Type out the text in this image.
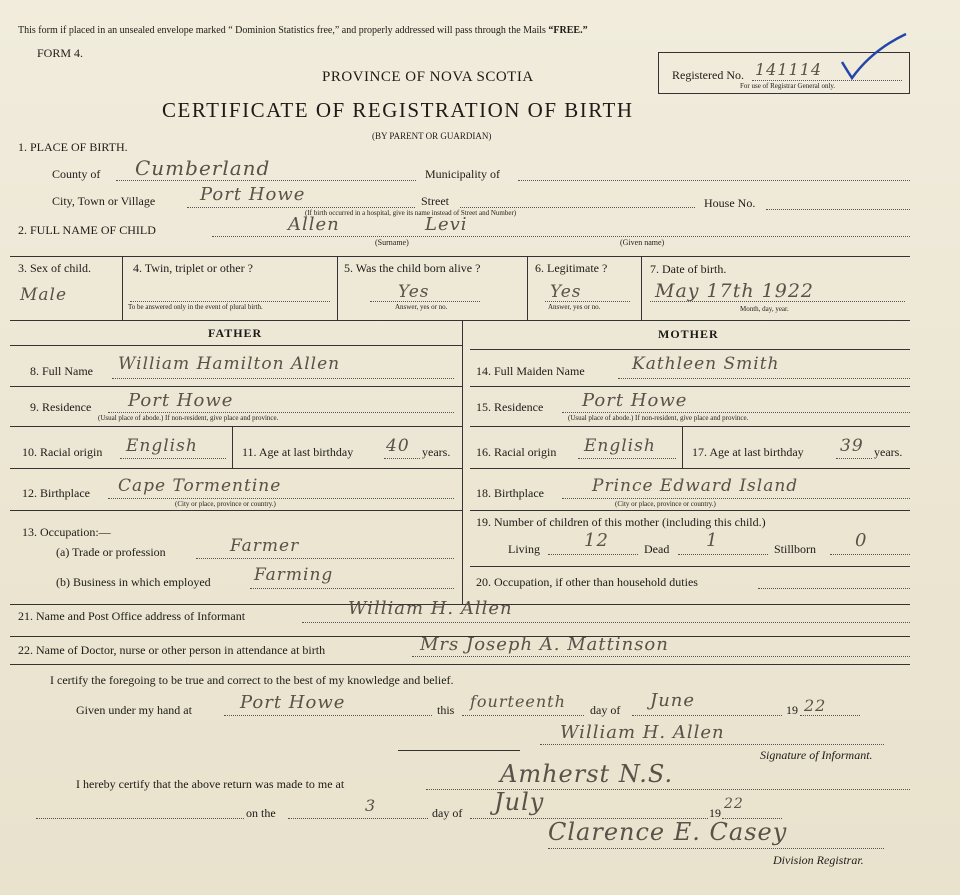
This form if placed in an unsealed envelope marked “ Dominion Statistics free,” and properly addressed will pass through the Mails “FREE.”
FORM 4.
PROVINCE OF NOVA SCOTIA
CERTIFICATE OF REGISTRATION OF BIRTH
(BY PARENT OR GUARDIAN)
Registered No. 141114
For use of Registrar General only.
1. PLACE OF BIRTH.
County of Cumberland	Municipality of
City, Town or Village Port Howe	Street
(If birth occurred in a hospital, give its name instead of Street and Number)
House No.
2. FULL NAME OF CHILD	Allen	Levi
(Surname)	(Given name)
3. Sex of child.
Male
4. Twin, triplet or other ?
To be answered only in the event of plural birth.
5. Was the child born alive ?
Yes
Answer, yes or no.
6. Legitimate ?
Yes
Answer, yes or no.
7. Date of birth.
May 17th 1922
Month, day, year.
FATHER	MOTHER
8. Full Name William Hamilton Allen
9. Residence Port Howe
(Usual place of abode.) If non-resident, give place and province.
10. Racial origin English	11. Age at last birthday 40 years.
12. Birthplace Cape Tormentine
(City or place, province or country.)
13. Occupation:—
(a) Trade or profession	Farmer
(b) Business in which employed	Farming
14. Full Maiden Name	Kathleen Smith
15. Residence Port Howe
(Usual place of abode.) If non-resident, give place and province.
16. Racial origin English	17. Age at last birthday 39 years.
18. Birthplace	Prince Edward Island
(City or place, province or country.)
19. Number of children of this mother (including this child.)
Living 12	Dead 1	Stillborn 0
20. Occupation, if other than household duties
21. Name and Post Office address of Informant	William H. Allen
22. Name of Doctor, nurse or other person in attendance at birth	Mrs Joseph A. Mattinson
I certify the foregoing to be true and correct to the best of my knowledge and belief.
Given under my hand at	Port Howe	this fourteenth day of June	19 22
William H. Allen
Signature of Informant.
I hereby certify that the above return was made to me at	Amherst N.S.
on the	3	day of July	19
22
Clarence E. Casey
Division Registrar.
